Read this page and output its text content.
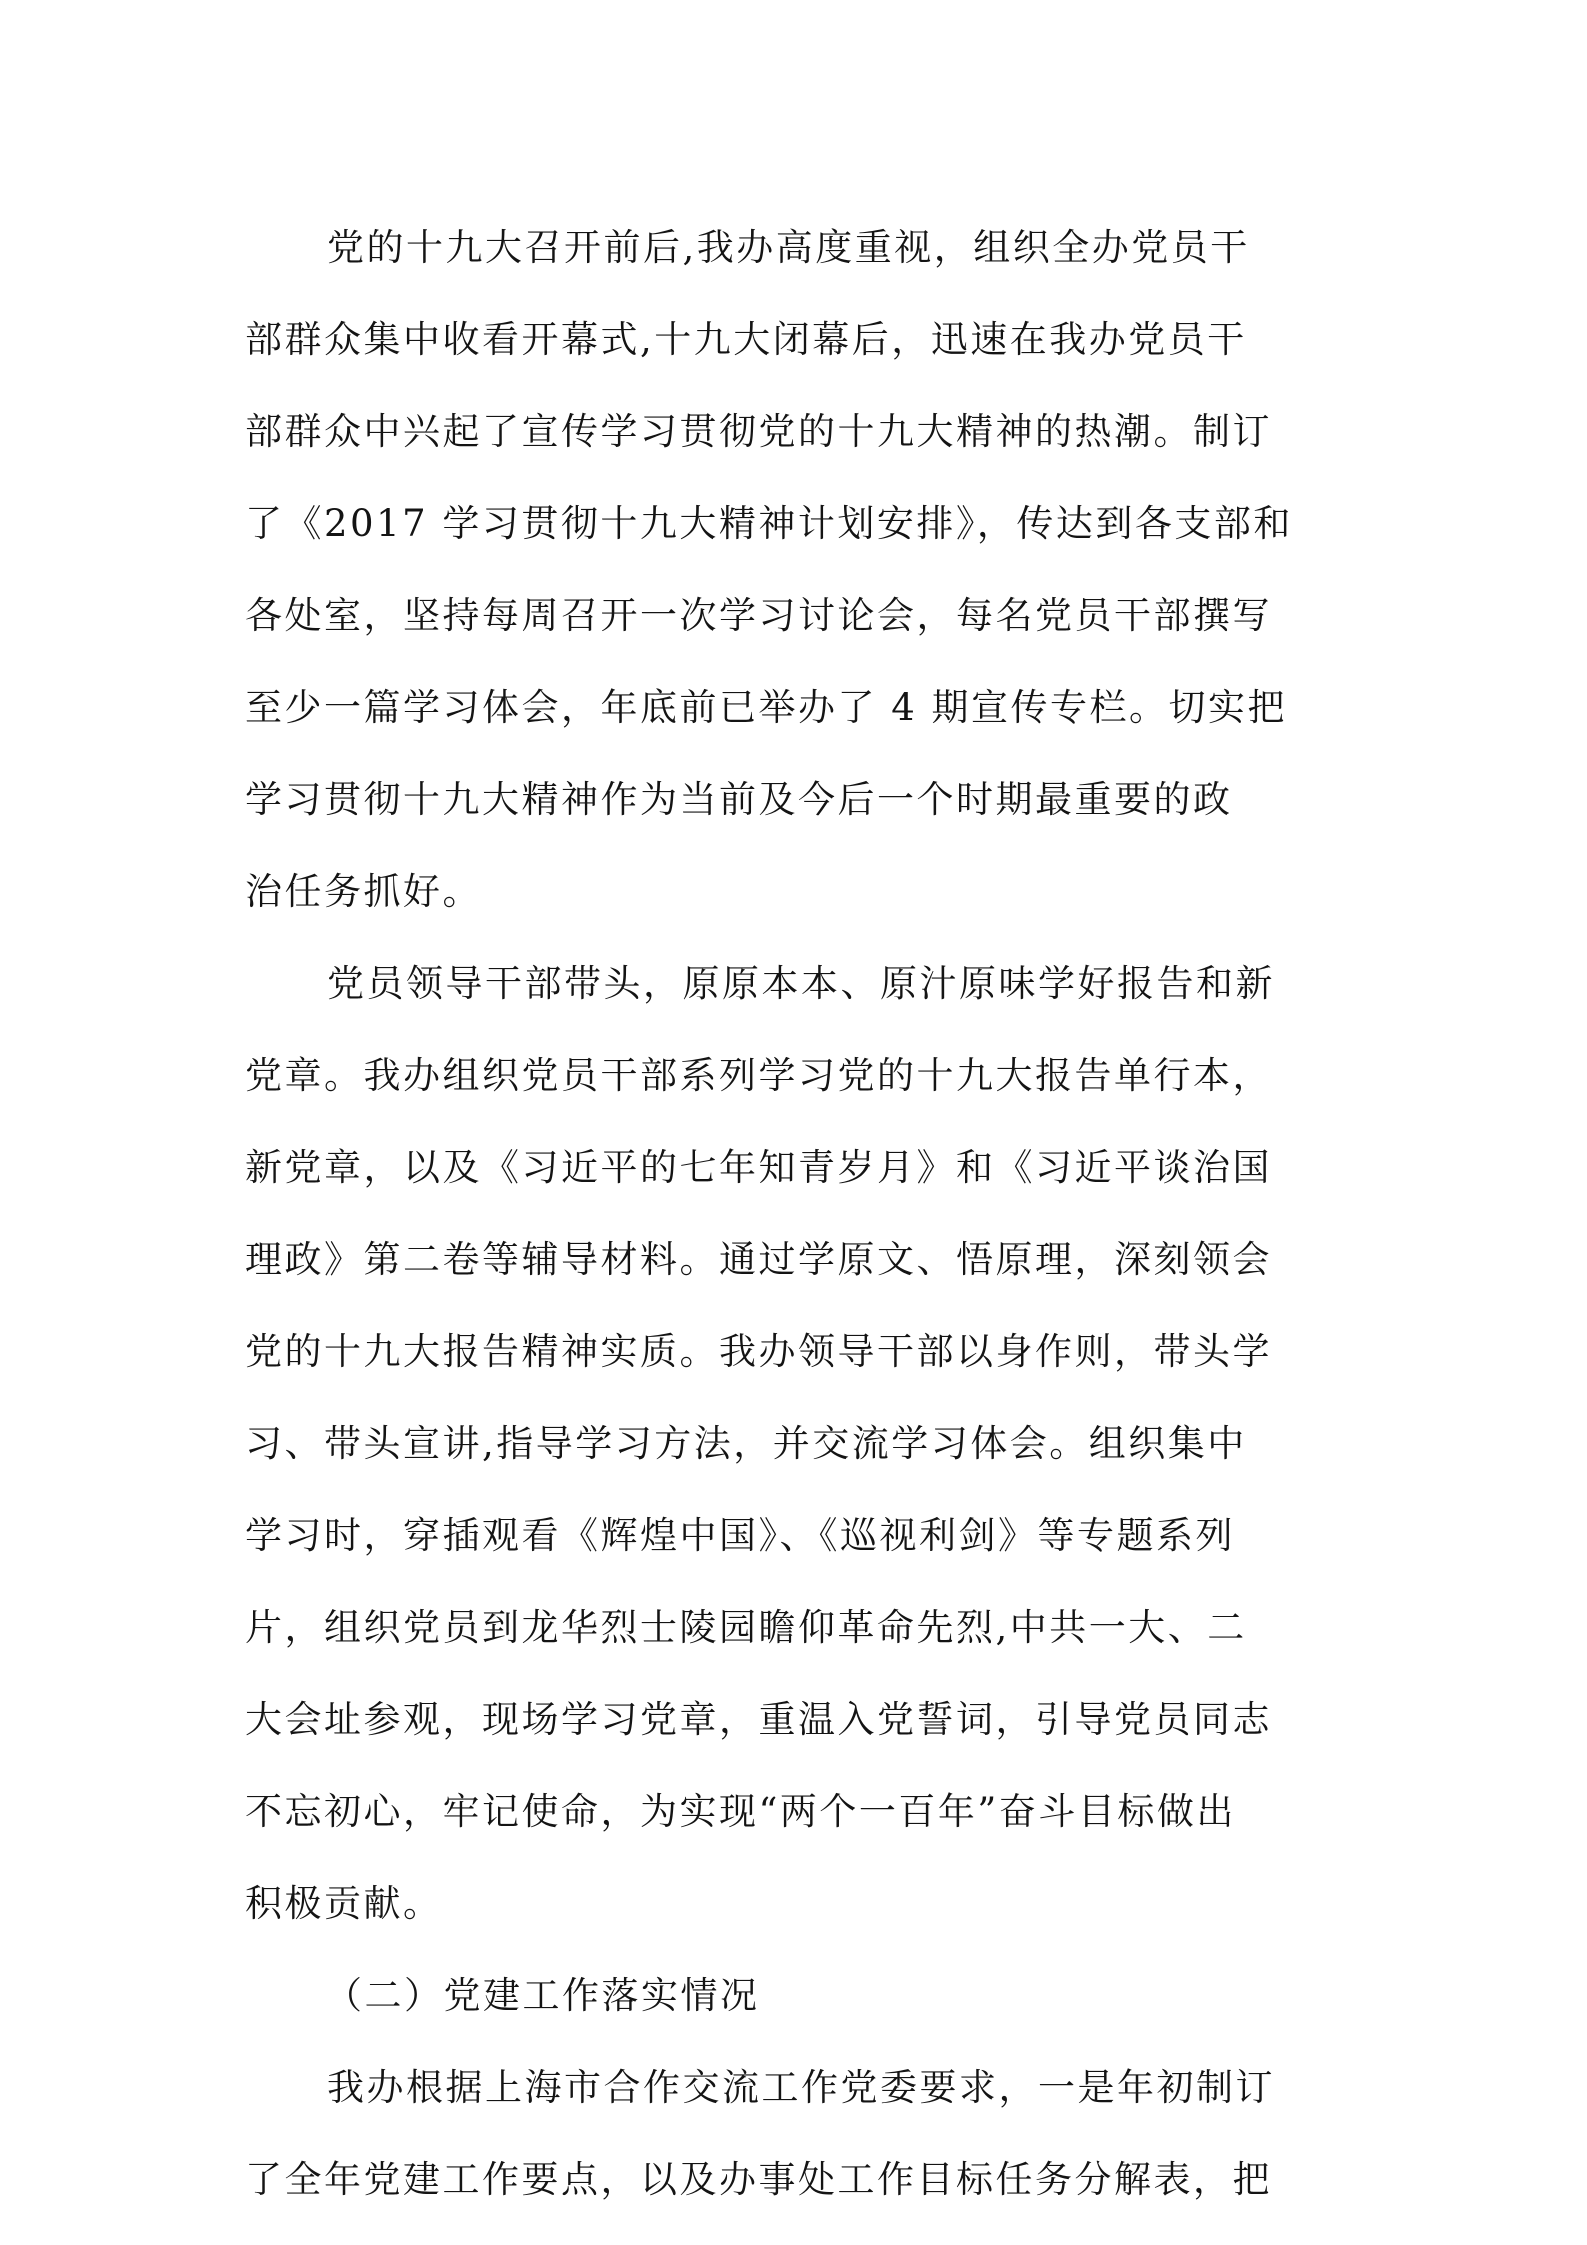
党的十九大召开前后,我办高度重视，组织全办党员干
部群众集中收看开幕式,十九大闭幕后，迅速在我办党员干
部群众中兴起了宣传学习贯彻党的十九大精神的热潮。制订
了《2017 学习贯彻十九大精神计划安排》，传达到各支部和
各处室，坚持每周召开一次学习讨论会，每名党员干部撰写
至少一篇学习体会，年底前已举办了 4 期宣传专栏。切实把
学习贯彻十九大精神作为当前及今后一个时期最重要的政
治任务抓好。

党员领导干部带头，原原本本、原汁原味学好报告和新
党章。我办组织党员干部系列学习党的十九大报告单行本，
新党章，以及《习近平的七年知青岁月》和《习近平谈治国
理政》第二卷等辅导材料。通过学原文、悟原理，深刻领会
党的十九大报告精神实质。我办领导干部以身作则，带头学
习、带头宣讲,指导学习方法，并交流学习体会。组织集中
学习时，穿插观看《辉煌中国》、《巡视利剑》等专题系列
片，组织党员到龙华烈士陵园瞻仰革命先烈,中共一大、二
大会址参观，现场学习党章，重温入党誓词，引导党员同志
不忘初心，牢记使命，为实现“两个一百年”奋斗目标做出
积极贡献。

（二）党建工作落实情况

我办根据上海市合作交流工作党委要求，一是年初制订
了全年党建工作要点，以及办事处工作目标任务分解表，把
